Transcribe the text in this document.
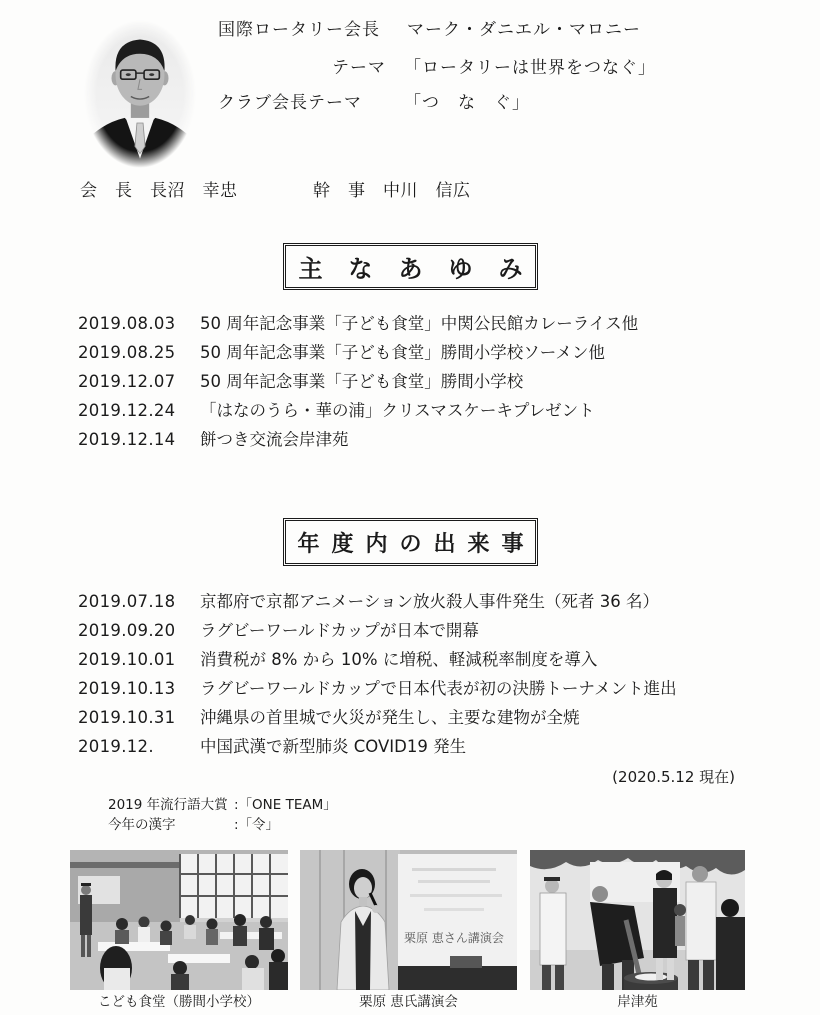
国際ロータリー会長 マーク・ダニエル・マロニー
テーマ 「ロータリーは世界をつなぐ」
クラブ会長テーマ 「つ　な　ぐ」
会　長　長沼　幸忠	幹　事　中川　信広
主なあゆみ
2019.08.03 50 周年記念事業「子ども食堂」中関公民館カレーライス他
2019.08.25 50 周年記念事業「子ども食堂」勝間小学校ソーメン他
2019.12.07 50 周年記念事業「子ども食堂」勝間小学校
2019.12.24 「はなのうら・華の浦」クリスマスケーキプレゼント
2019.12.14 餅つき交流会岸津苑
年度内の出来事
2019.07.18 京都府で京都アニメーション放火殺人事件発生（死者 36 名）
2019.09.20 ラグビーワールドカップが日本で開幕
2019.10.01 消費税が 8% から 10% に増税、軽減税率制度を導入
2019.10.13 ラグビーワールドカップで日本代表が初の決勝トーナメント進出
2019.10.31 沖縄県の首里城で火災が発生し、主要な建物が全焼
2019.12.	中国武漢で新型肺炎 COVID19 発生
(2020.5.12 現在)
2019 年流行語大賞 :「ONE TEAM」
今年の漢字	:「令」
こども食堂（勝間小学校）
栗原 恵さん講演会
栗原 恵氏講演会	岸津苑
